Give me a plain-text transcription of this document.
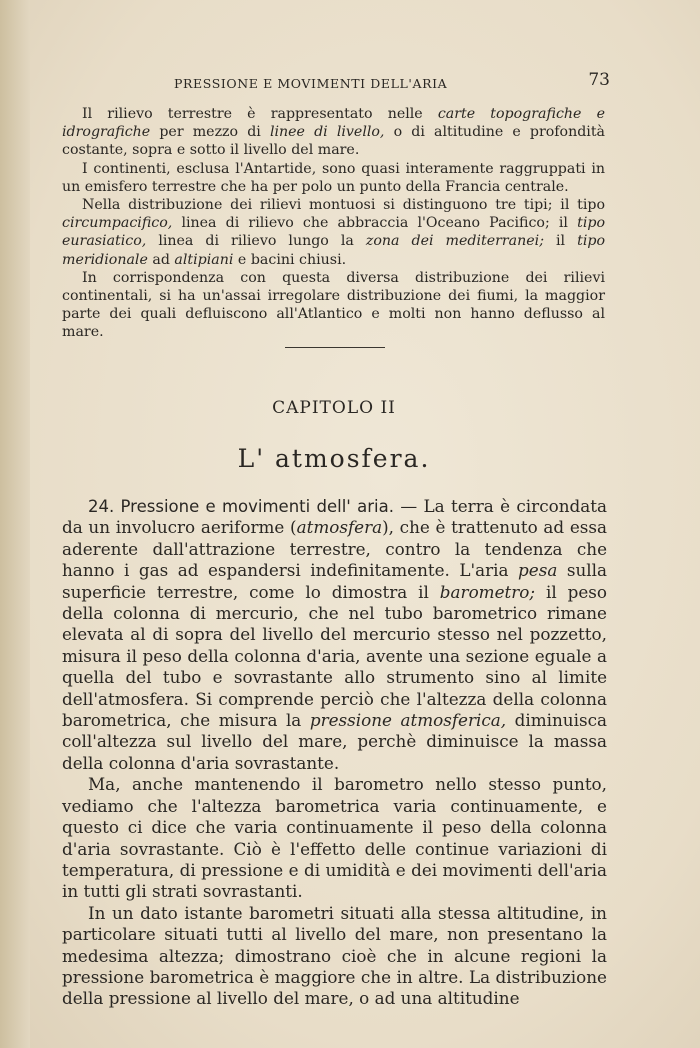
PRESSIONE E MOVIMENTI DELL'ARIA	73

Il rilievo terrestre è rappresentato nelle carte topografiche e idrografiche per mezzo di linee di livello, o di altitudine e profondità costante, sopra e sotto il livello del mare.

I continenti, esclusa l'Antartide, sono quasi interamente raggruppati in un emisfero terrestre che ha per polo un punto della Francia centrale.

Nella distribuzione dei rilievi montuosi si distinguono tre tipi; il tipo circumpacifico, linea di rilievo che abbraccia l'Oceano Pacifico; il tipo eurasiatico, linea di rilievo lungo la zona dei mediterranei; il tipo meridionale ad altipiani e bacini chiusi.

In corrispondenza con questa diversa distribuzione dei rilievi continentali, si ha un'assai irregolare distribuzione dei fiumi, la maggior parte dei quali defluiscono all'Atlantico e molti non hanno deflusso al mare.

CAPITOLO II
L' atmosfera.

24. Pressione e movimenti dell' aria. — La terra è circondata da un involucro aeriforme (atmosfera), che è trattenuto ad essa aderente dall'attrazione terrestre, contro la tendenza che hanno i gas ad espandersi indefinitamente. L'aria pesa sulla superficie terrestre, come lo dimostra il barometro; il peso della colonna di mercurio, che nel tubo barometrico rimane elevata al di sopra del livello del mercurio stesso nel pozzetto, misura il peso della colonna d'aria, avente una sezione eguale a quella del tubo e sovrastante allo strumento sino al limite dell'atmosfera. Si comprende perciò che l'altezza della colonna barometrica, che misura la pressione atmosferica, diminuisca coll'altezza sul livello del mare, perchè diminuisce la massa della colonna d'aria sovrastante.

Ma, anche mantenendo il barometro nello stesso punto, vediamo che l'altezza barometrica varia continuamente, e questo ci dice che varia continuamente il peso della colonna d'aria sovrastante. Ciò è l'effetto delle continue variazioni di temperatura, di pressione e di umidità e dei movimenti dell'aria in tutti gli strati sovrastanti.

In un dato istante barometri situati alla stessa altitudine, in particolare situati tutti al livello del mare, non presentano la medesima altezza; dimostrano cioè che in alcune regioni la pressione barometrica è maggiore che in altre. La distribuzione della pressione al livello del mare, o ad una altitudine
